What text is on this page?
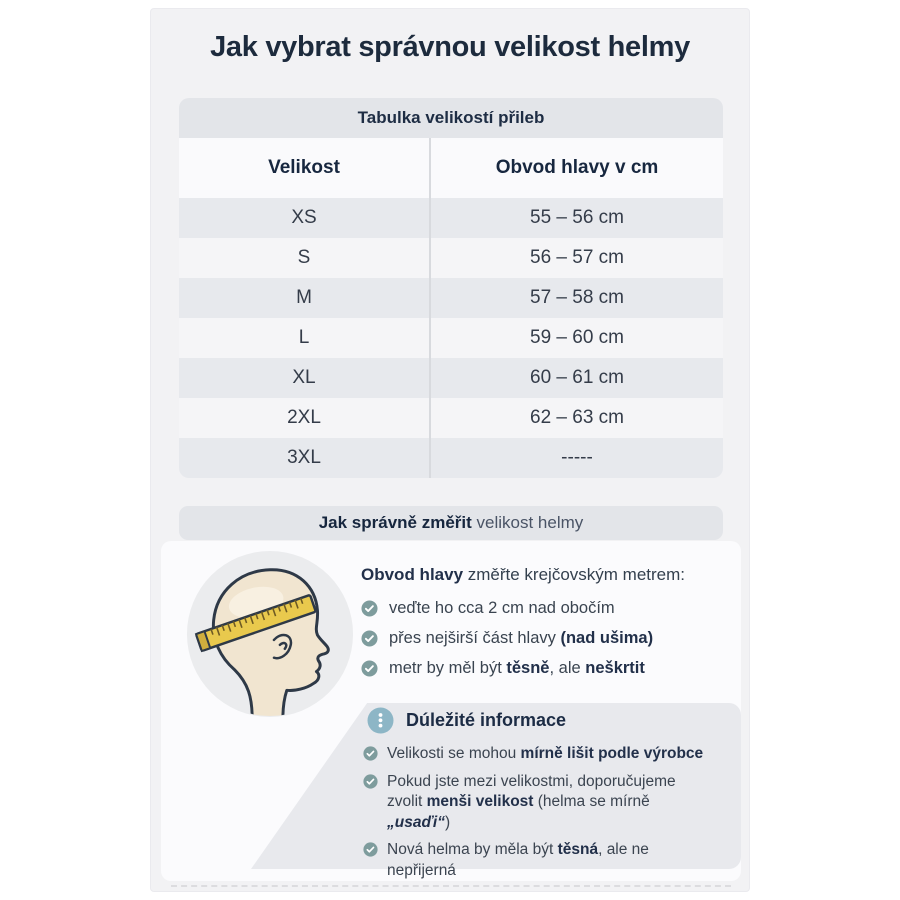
Jak vybrat správnou velikost helmy
Tabulka velikostí přileb
Velikost	Obvod hlavy v cm
XS	55 – 56 cm
S	56 – 57 cm
M	57 – 58 cm
L	59 – 60 cm
XL	60 – 61 cm
2XL	62 – 63 cm
3XL	-----
Jak správně změřit velikost helmy
Obvod hlavy změřte krejčovským metrem:
veďte ho cca 2 cm nad obočím
přes nejširší část hlavy (nad ušima)
metr by měl být těsně, ale neškrtit
Dúležité informace
Velikosti se mohou mírně lišit podle výrobce
Pokud jste mezi velikostmi, doporučujeme zvolit menši velikost (helma se mírně „usaďi“)
Nová helma by měla být těsná, ale ne nepřijerná
